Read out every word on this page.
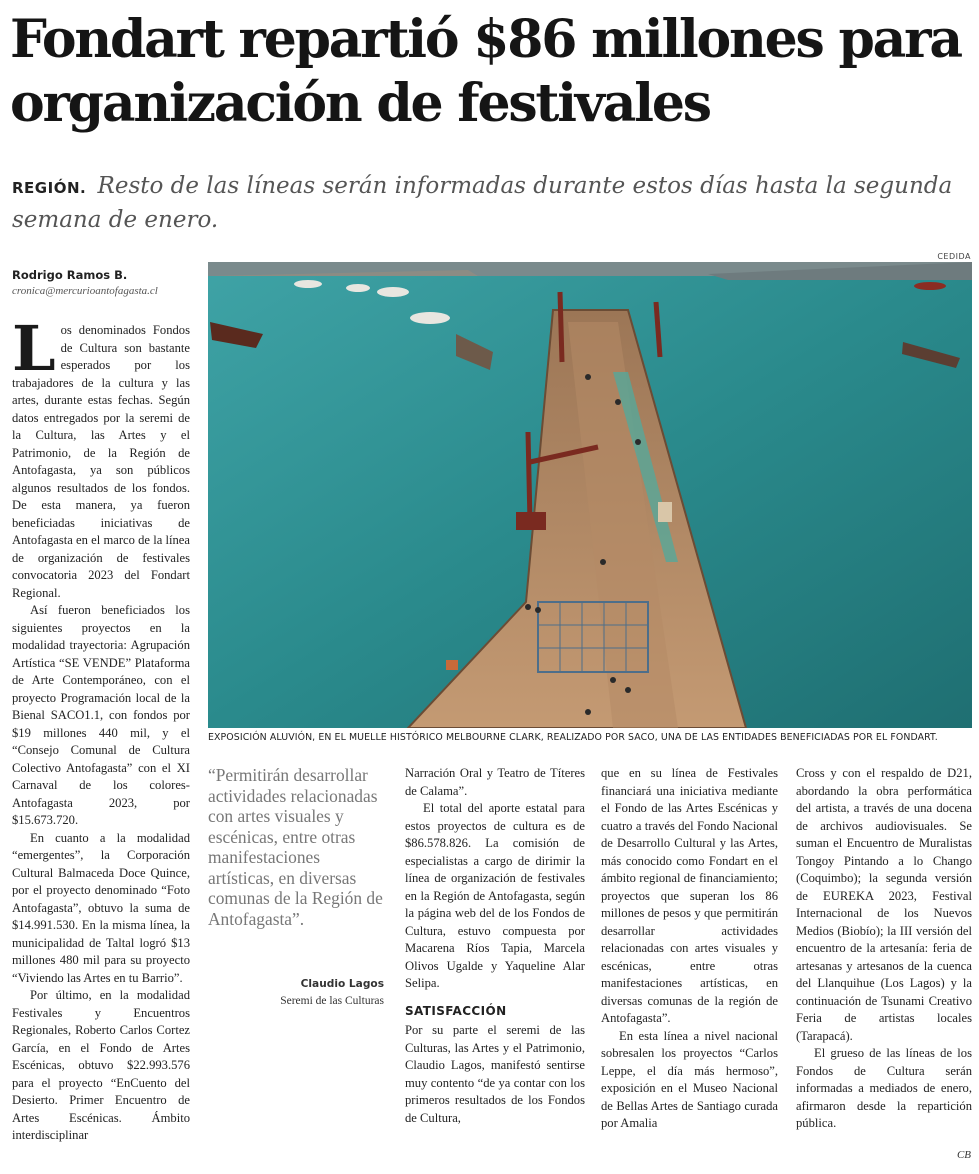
Fondart repartió $86 millones para organización de festivales

REGIÓN. Resto de las líneas serán informadas durante estos días hasta la segunda semana de enero.

Rodrigo Ramos B.
cronica@mercurioantofagasta.cl
L os denominados Fondos de Cultura son bastante esperados por los trabajadores de la cultura y las artes, durante estas fechas. Según datos entregados por la seremi de la Cultura, las Artes y el Patrimonio, de la Región de Antofagasta, ya son públicos algunos resultados de los fondos. De esta manera, ya fueron beneficiadas iniciativas de Antofagasta en el marco de la línea de organización de festivales convocatoria 2023 del Fondart Regional.

Así fueron beneficiados los siguientes proyectos en la modalidad trayectoria: Agrupación Artística “SE VENDE” Plataforma de Arte Contemporáneo, con el proyecto Programación local de la Bienal SACO1.1, con fondos por $19 millones 440 mil, y el “Consejo Comunal de Cultura Colectivo Antofagasta” con el XI Carnaval de los colores-Antofagasta 2023, por $15.673.720.

En cuanto a la modalidad “emergentes”, la Corporación Cultural Balmaceda Doce Quince, por el proyecto denominado “Foto Antofagasta”, obtuvo la suma de $14.991.530. En la misma línea, la municipalidad de Taltal logró $13 millones 480 mil para su proyecto “Viviendo las Artes en tu Barrio”.

Por último, en la modalidad Festivales y Encuentros Regionales, Roberto Carlos Cortez García, en el Fondo de Artes Escénicas, obtuvo $22.993.576 para el proyecto “EnCuento del Desierto. Primer Encuentro de Artes Escénicas. Ámbito interdisciplinar

CEDIDA
EXPOSICIÓN ALUVIÓN, EN EL MUELLE HISTÓRICO MELBOURNE CLARK, REALIZADO POR SACO, UNA DE LAS ENTIDADES BENEFICIADAS POR EL FONDART.

“Permitirán desarrollar actividades relacionadas con artes visuales y escénicas, entre otras manifestaciones artísticas, en diversas comunas de la Región de Antofagasta”.

Claudio Lagos
Seremi de las Culturas

Narración Oral y Teatro de Títeres de Calama”.

El total del aporte estatal para estos proyectos de cultura es de $86.578.826. La comisión de especialistas a cargo de dirimir la línea de organización de festivales en la Región de Antofagasta, según la página web del de los Fondos de Cultura, estuvo compuesta por Macarena Ríos Tapia, Marcela Olivos Ugalde y Yaqueline Alar Selipa.

SATISFACCIÓN

Por su parte el seremi de las Culturas, las Artes y el Patrimonio, Claudio Lagos, manifestó sentirse muy contento “de ya contar con los primeros resultados de los Fondos de Cultura,

que en su línea de Festivales financiará una iniciativa mediante el Fondo de las Artes Escénicas y cuatro a través del Fondo Nacional de Desarrollo Cultural y las Artes, más conocido como Fondart en el ámbito regional de financiamiento; proyectos que superan los 86 millones de pesos y que permitirán desarrollar actividades relacionadas con artes visuales y escénicas, entre otras manifestaciones artísticas, en diversas comunas de la región de Antofagasta”.

En esta línea a nivel nacional sobresalen los proyectos “Carlos Leppe, el día más hermoso”, exposición en el Museo Nacional de Bellas Artes de Santiago curada por Amalia

Cross y con el respaldo de D21, abordando la obra performática del artista, a través de una docena de archivos audiovisuales. Se suman el Encuentro de Muralistas Tongoy Pintando a lo Chango (Coquimbo); la segunda versión de EUREKA 2023, Festival Internacional de los Nuevos Medios (Biobío); la III versión del encuentro de la artesanía: feria de artesanas y artesanos de la cuenca del Llanquihue (Los Lagos) y la continuación de Tsunami Creativo Feria de artistas locales (Tarapacá).

El grueso de las líneas de los Fondos de Cultura serán informadas a mediados de enero, afirmaron desde la repartición pública.

CB
